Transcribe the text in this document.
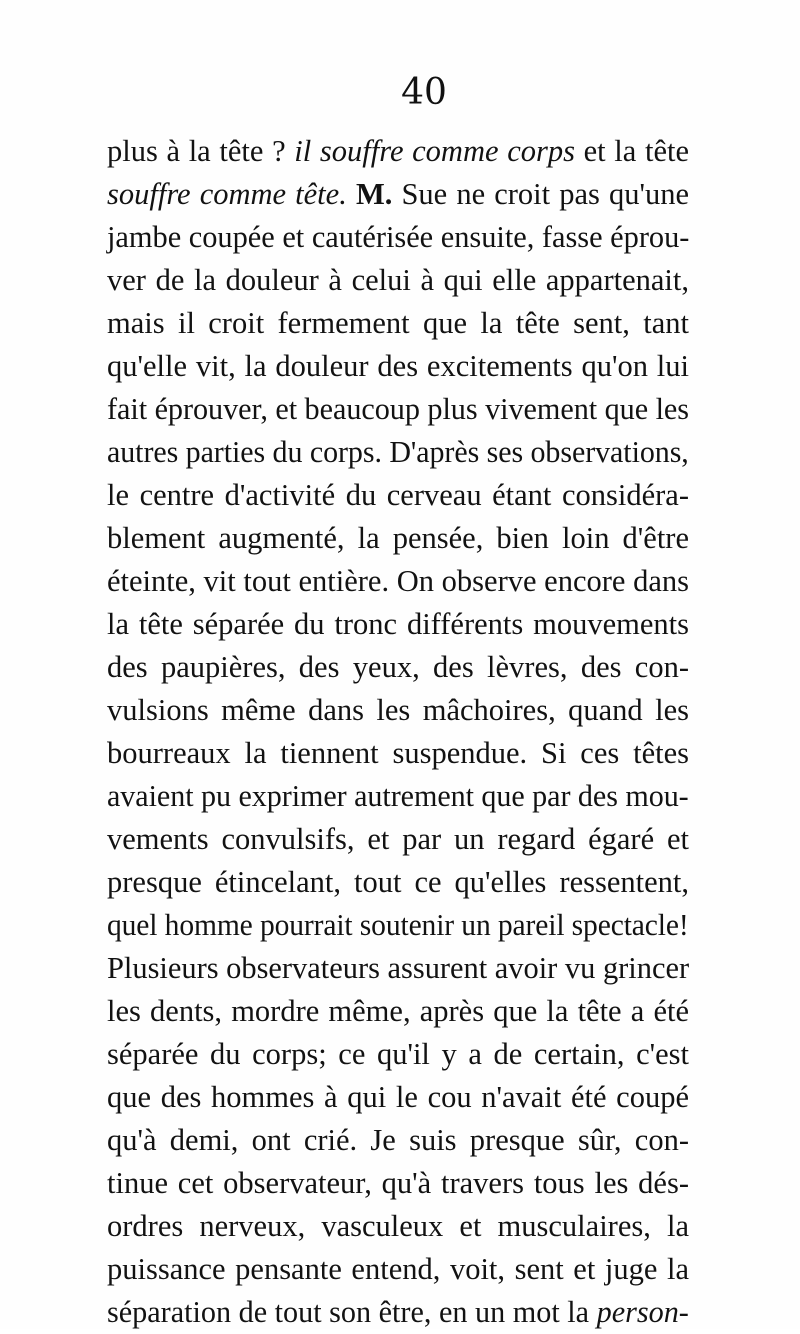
40
plus à la tête ? il souffre comme corps et la tête
souffre comme tête. M. Sue ne croit pas qu'une
jambe coupée et cautérisée ensuite, fasse éprou-
ver de la douleur à celui à qui elle appartenait,
mais il croit fermement que la tête sent, tant
qu'elle vit, la douleur des excitements qu'on lui
fait éprouver, et beaucoup plus vivement que les
autres parties du corps. D'après ses observations,
le centre d'activité du cerveau étant considéra-
blement augmenté, la pensée, bien loin d'être
éteinte, vit tout entière. On observe encore dans
la tête séparée du tronc différents mouvements
des paupières, des yeux, des lèvres, des con-
vulsions même dans les mâchoires, quand les
bourreaux la tiennent suspendue. Si ces têtes
avaient pu exprimer autrement que par des mou-
vements convulsifs, et par un regard égaré et
presque étincelant, tout ce qu'elles ressentent,
quel homme pourrait soutenir un pareil spectacle!
Plusieurs observateurs assurent avoir vu grincer
les dents, mordre même, après que la tête a été
séparée du corps; ce qu'il y a de certain, c'est
que des hommes à qui le cou n'avait été coupé
qu'à demi, ont crié. Je suis presque sûr, con-
tinue cet observateur, qu'à travers tous les dés-
ordres nerveux, vasculeux et musculaires, la
puissance pensante entend, voit, sent et juge la
séparation de tout son être, en un mot la person-
